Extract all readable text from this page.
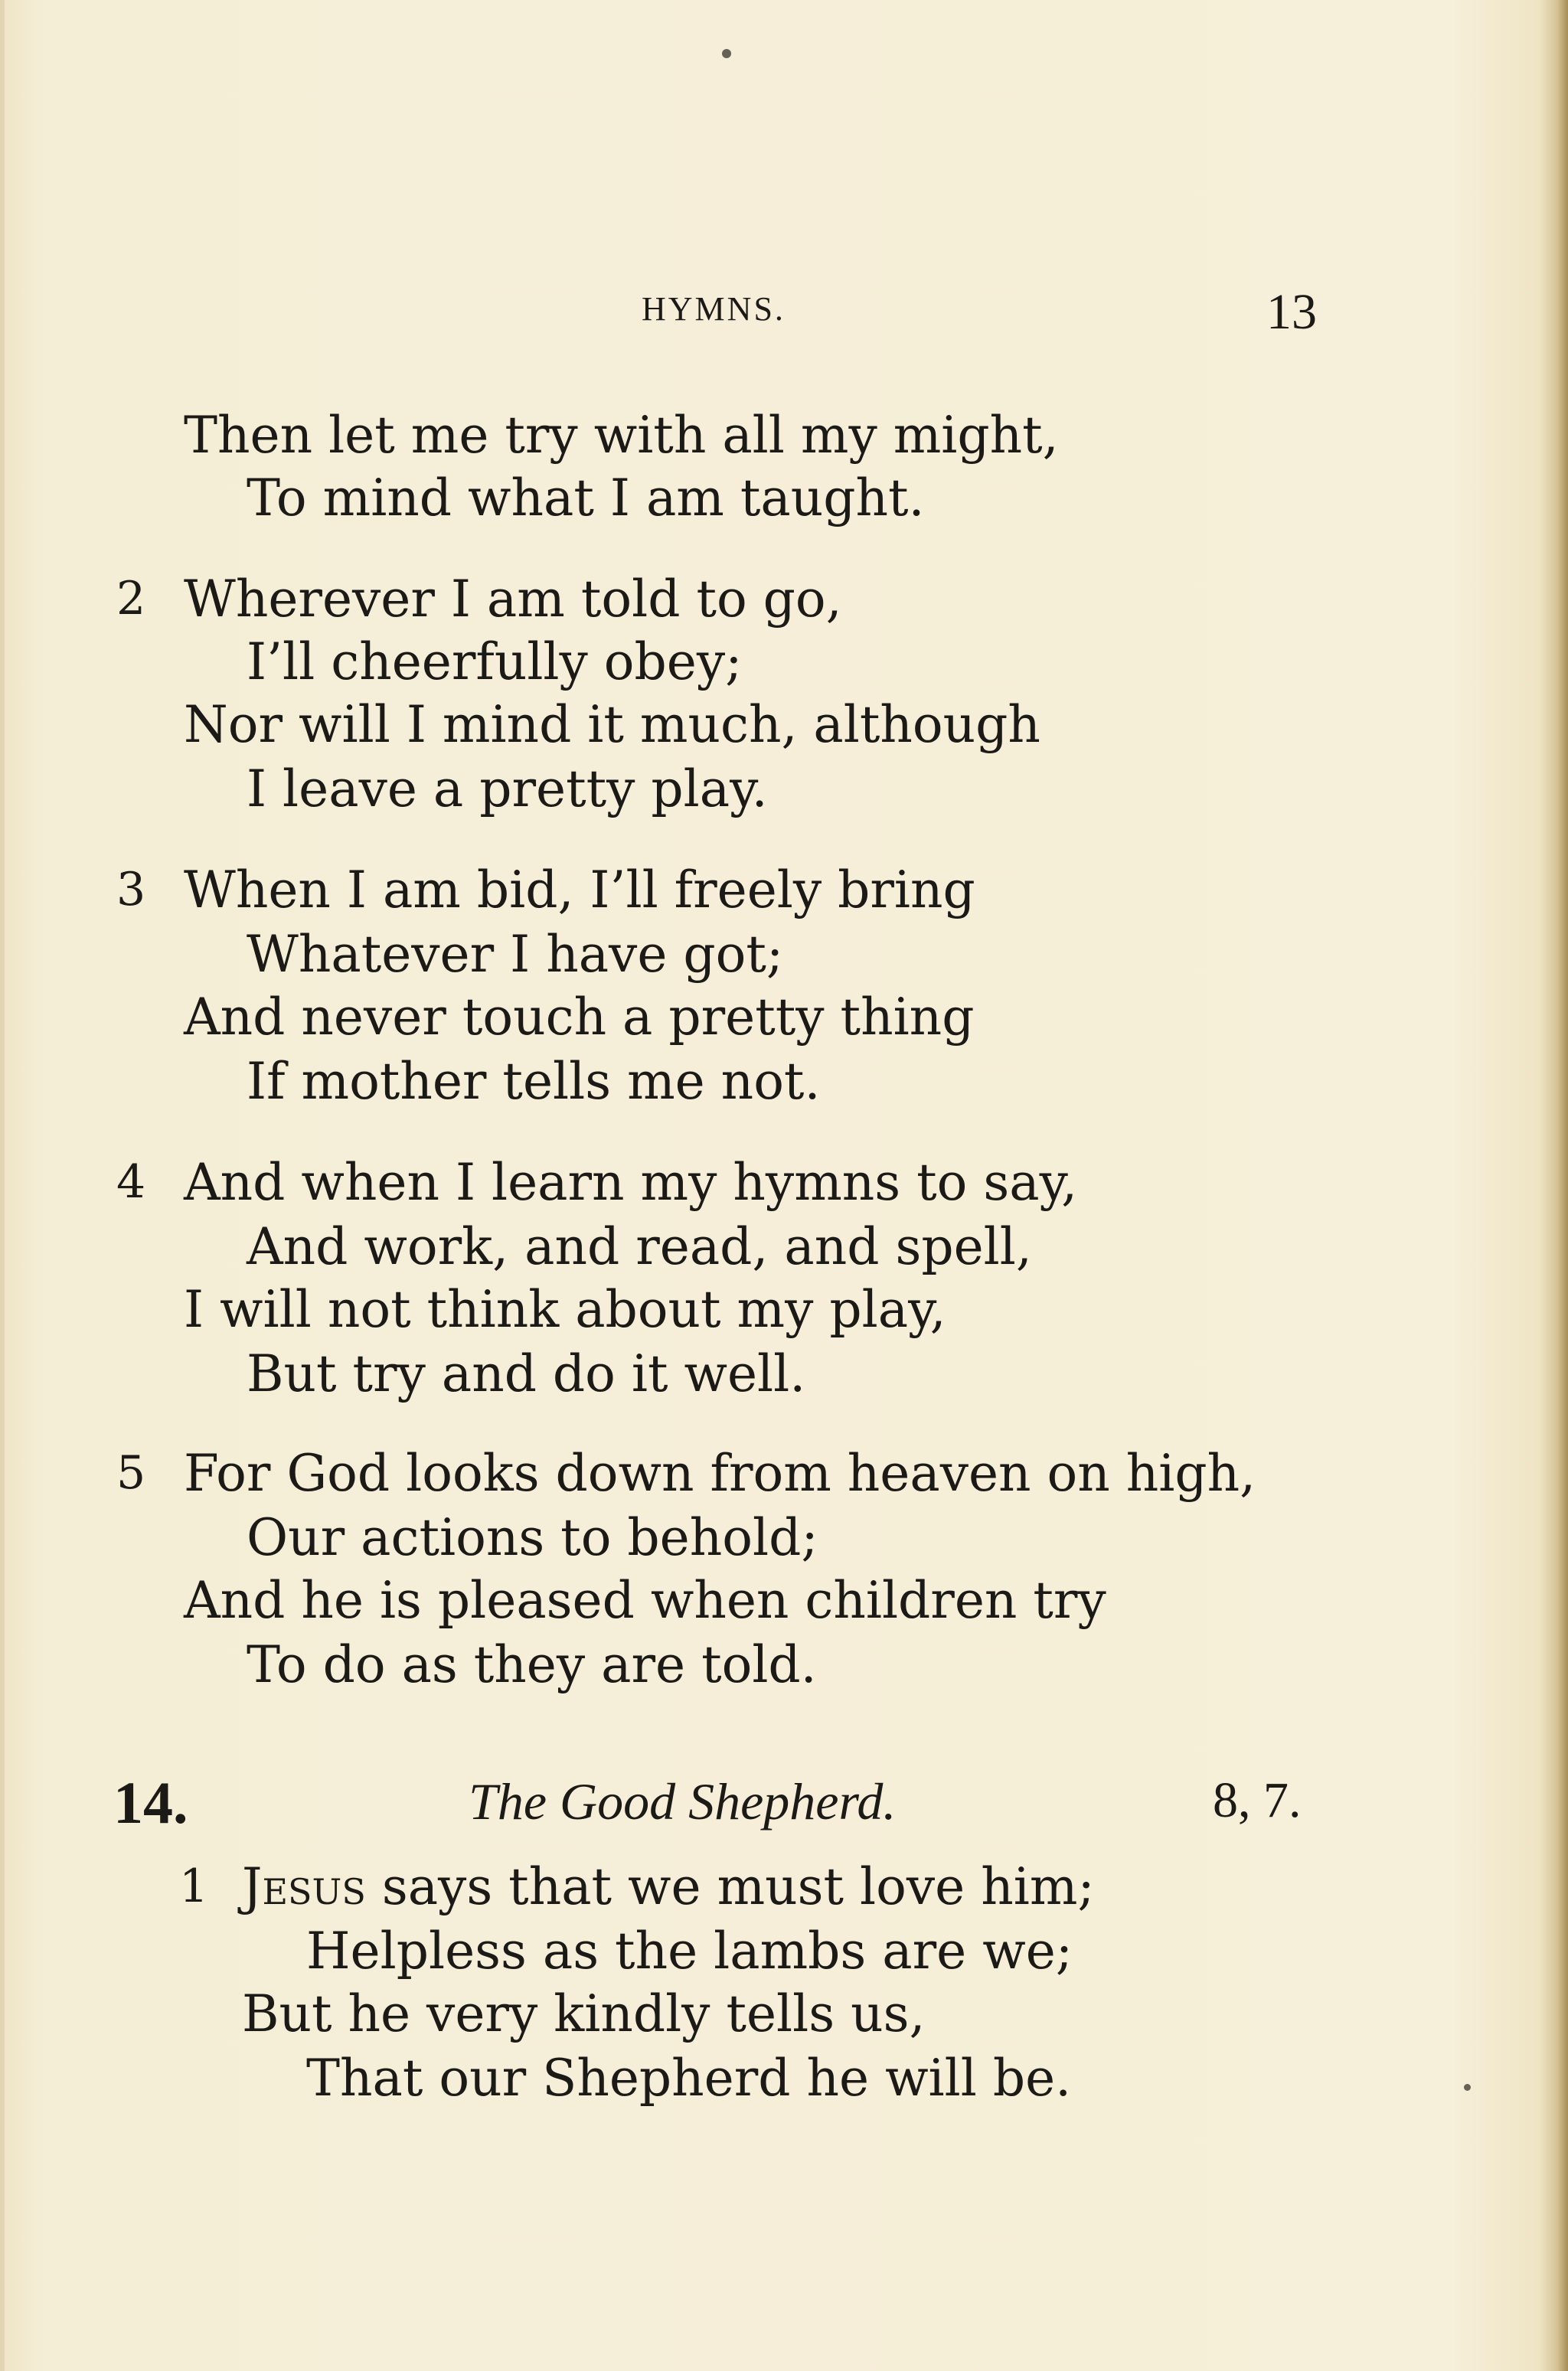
HYMNS.	13
Then let me try with all my might,
To mind what I am taught.
2 Wherever I am told to go,
I’ll cheerfully obey;
Nor will I mind it much, although
I leave a pretty play.
3 When I am bid, I’ll freely bring
Whatever I have got;
And never touch a pretty thing
If mother tells me not.
4 And when I learn my hymns to say,
And work, and read, and spell,
I will not think about my play,
But try and do it well.
5 For God looks down from heaven on high,
Our actions to behold;
And he is pleased when children try
To do as they are told.
14.	The Good Shepherd.	8, 7.
1 Jesus says that we must love him;
Helpless as the lambs are we;
But he very kindly tells us,
That our Shepherd he will be.
